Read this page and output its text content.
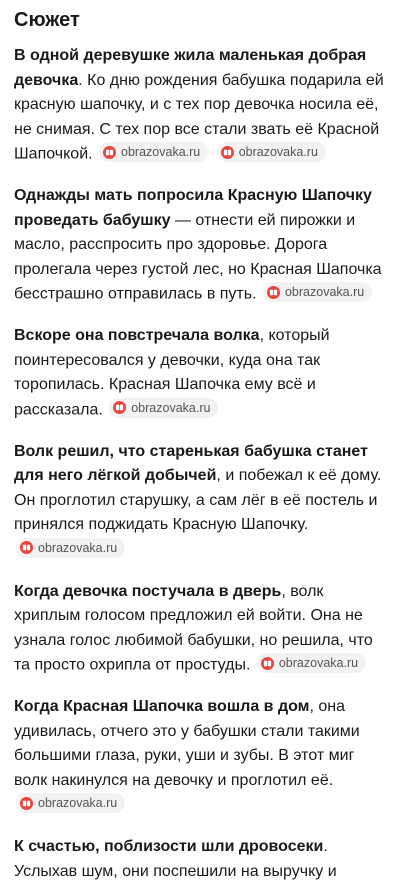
Сюжет
В одной деревушке жила маленькая добрая девочка. Ко дню рождения бабушка подарила ей красную шапочку, и с тех пор девочка носила её, не снимая. С тех пор все стали звать её Красной Шапочкой. obrazovaka.ru
	obrazovaka.ru
Однажды мать попросила Красную Шапочку проведать бабушку — отнести ей пирожки и масло, расспросить про здоровье. Дорога пролегала через густой лес, но Красная Шапочка бесстрашно отправилась в путь. obrazovaka.ru
Вскоре она повстречала волка, который поинтересовался у девочки, куда она так торопилась. Красная Шапочка ему всё и рассказала. obrazovaka.ru
Волк решил, что старенькая бабушка станет для него лёгкой добычей, и побежал к её дому. Он проглотил старушку, а сам лёг в её постель и принялся поджидать Красную Шапочку.
obrazovaka.ru
Когда девочка постучала в дверь, волк хриплым голосом предложил ей войти. Она не узнала голос любимой бабушки, но решила, что та просто охрипла от простуды. obrazovaka.ru
Когда Красная Шапочка вошла в дом, она удивилась, отчего это у бабушки стали такими большими глаза, руки, уши и зубы. В этот миг волк накинулся на девочку и проглотил её.
obrazovaka.ru
К счастью, поблизости шли дровосеки. Услыхав шум, они поспешили на выручку и
